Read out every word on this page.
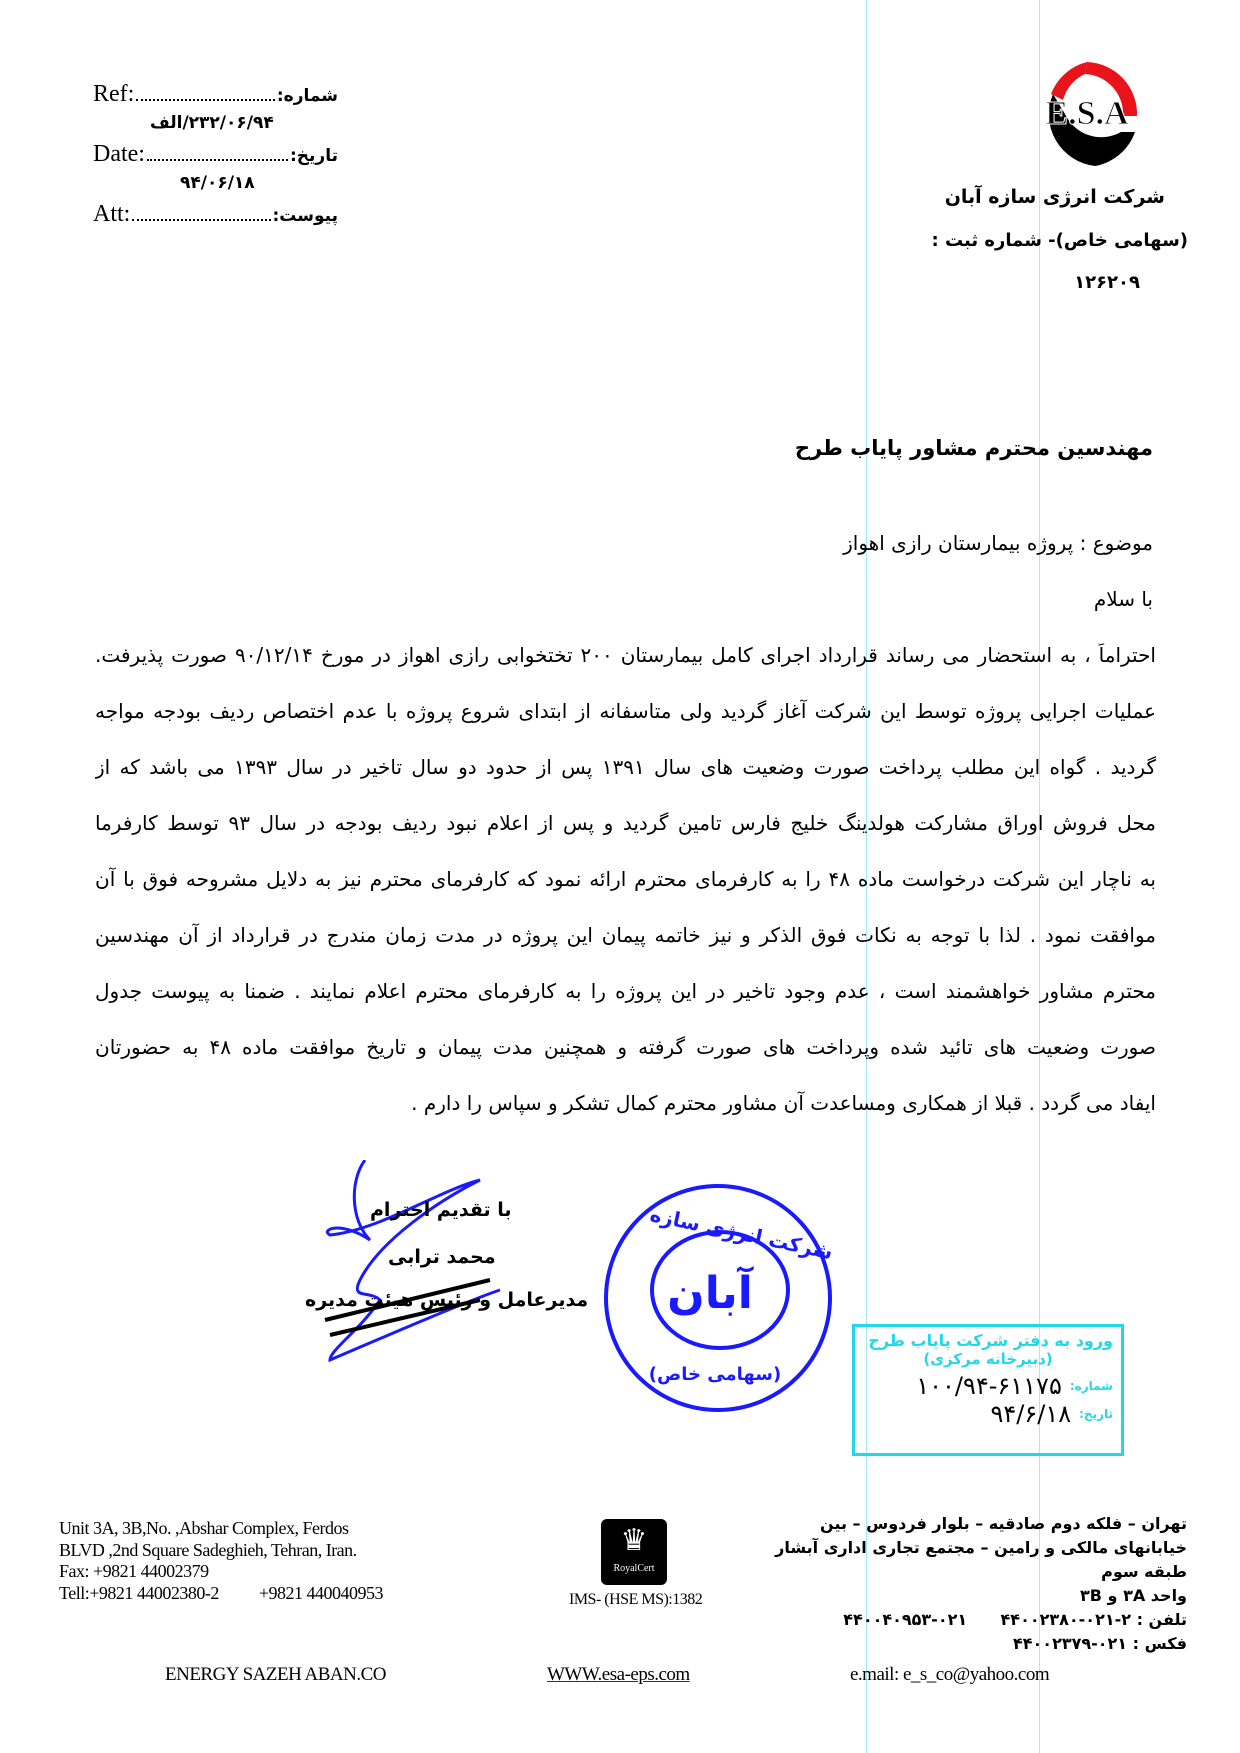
Ref:	شماره:
۲۳۲/۰۶/۹۴/الف
Date:	تاریخ:
۹۴/۰۶/۱۸
Att:	پیوست:
E.S.A
شرکت انرژی سازه آبان
(سهامی خاص)- شماره ثبت :
۱۲۶۲۰۹
مهندسین محترم مشاور پایاب طرح
موضوع : پروژه بیمارستان رازی اهواز
با سلام
احتراماً ، به استحضار می رساند قرارداد اجرای کامل بیمارستان ۲۰۰ تختخوابی رازی اهواز در مورخ ۹۰/۱۲/۱۴ صورت پذیرفت.
عملیات اجرایی پروژه توسط این شرکت آغاز گردید ولی متاسفانه از ابتدای شروع پروژه با عدم اختصاص ردیف بودجه مواجه
گردید . گواه این مطلب پرداخت صورت وضعیت های سال ۱۳۹۱ پس از حدود دو سال تاخیر در سال ۱۳۹۳ می باشد که از
محل فروش اوراق مشارکت هولدینگ خلیج فارس تامین گردید و پس از اعلام نبود ردیف بودجه در سال ۹۳ توسط کارفرما
به ناچار این شرکت درخواست ماده ۴۸ را به کارفرمای محترم ارائه نمود که کارفرمای محترم نیز به دلایل مشروحه فوق با آن
موافقت نمود . لذا با توجه به نکات فوق الذکر و نیز خاتمه پیمان این پروژه در مدت زمان مندرج در قرارداد از آن مهندسین
محترم مشاور خواهشمند است ، عدم وجود تاخیر در این پروژه را به کارفرمای محترم اعلام نمایند . ضمنا به پیوست جدول
صورت وضعیت های تائید شده وپرداخت های صورت گرفته و همچنین مدت پیمان و تاریخ موافقت ماده ۴۸ به حضورتان
ایفاد می گردد . قبلا از همکاری ومساعدت آن مشاور محترم کمال تشکر و سپاس را دارم .
شرکت انرژی سازه
آبان
(سهامی خاص)
با تقدیم احترام
محمد ترابی
مدیرعامل و رئیس هیئت مدیره
ورود به دفتر شرکت پایاب طرح
(دبیرخانه مرکزی)
شماره:
۱۰۰/۹۴-۶۱۱۷۵
تاریخ:
۹۴/۶/۱۸
Unit 3A, 3B,No. ,Abshar Complex, Ferdos
BLVD ,2nd Square Sadeghieh, Tehran, Iran.
Fax: +9821 44002379
Tell:+9821 44002380-2          +9821 440040953
♛
RoyalCert
IMS- (HSE MS):1382
تهران – فلکه دوم صادقیه – بلوار فردوس – بین
خیابانهای مالکی و رامین – مجتمع تجاری اداری آبشار
طبقه سوم
واحد ۳A و ۳B
تلفن : ۲-۰۲۱-۴۴۰۰۲۳۸۰      ۰۲۱-۴۴۰۰۴۰۹۵۳
فکس : ۰۲۱-۴۴۰۰۲۳۷۹
ENERGY SAZEH ABAN.CO	WWW.esa-eps.com	e.mail: e_s_co@yahoo.com
